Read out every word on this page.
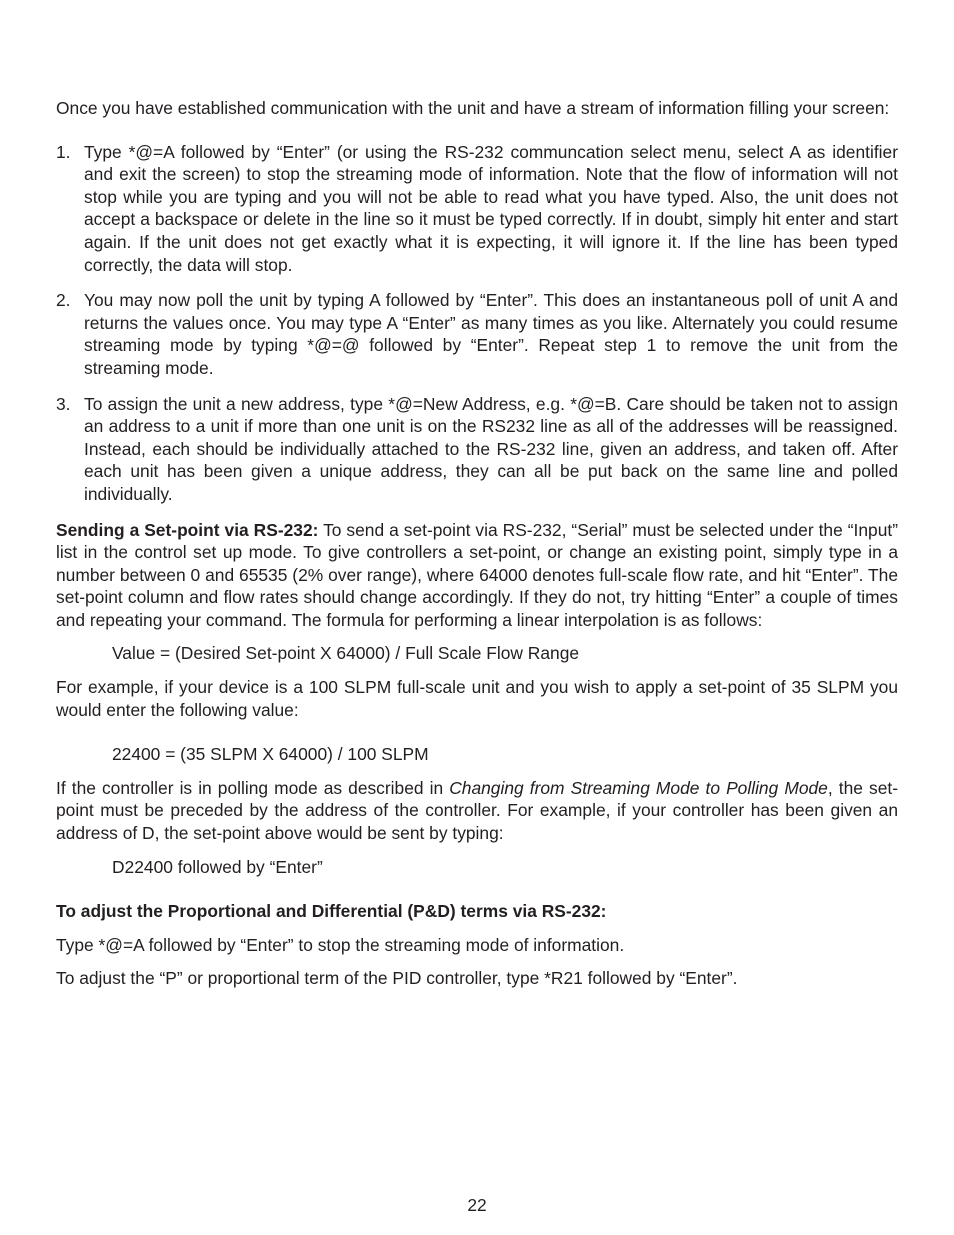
Once you have established communication with the unit and have a stream of information filling your screen:

1. Type *@=A followed by “Enter” (or using the RS-232 communcation select menu, select A as identifier and exit the screen) to stop the streaming mode of information. Note that the flow of information will not stop while you are typing and you will not be able to read what you have typed. Also, the unit does not accept a backspace or delete in the line so it must be typed correctly. If in doubt, simply hit enter and start again. If the unit does not get exactly what it is expecting, it will ignore it. If the line has been typed correctly, the data will stop.
2. You may now poll the unit by typing A followed by “Enter”. This does an instantaneous poll of unit A and returns the values once. You may type A “Enter” as many times as you like. Alternately you could resume streaming mode by typing *@=@ followed by “Enter”. Repeat step 1 to remove the unit from the streaming mode.
3. To assign the unit a new address, type *@=New Address, e.g. *@=B. Care should be taken not to assign an address to a unit if more than one unit is on the RS232 line as all of the addresses will be reassigned. Instead, each should be individually attached to the RS-232 line, given an address, and taken off. After each unit has been given a unique address, they can all be put back on the same line and polled individually.

Sending a Set-point via RS-232: To send a set-point via RS-232, “Serial” must be selected under the “Input” list in the control set up mode. To give controllers a set-point, or change an existing point, simply type in a number between 0 and 65535 (2% over range), where 64000 denotes full-scale flow rate, and hit “Enter”. The set-point column and flow rates should change accordingly. If they do not, try hitting “Enter” a couple of times and repeating your command. The formula for performing a linear interpolation is as follows:

Value = (Desired Set-point X 64000) / Full Scale Flow Range

For example, if your device is a 100 SLPM full-scale unit and you wish to apply a set-point of 35 SLPM you would enter the following value:

22400 = (35 SLPM X 64000) / 100 SLPM

If the controller is in polling mode as described in Changing from Streaming Mode to Polling Mode, the set-point must be preceded by the address of the controller. For example, if your controller has been given an address of D, the set-point above would be sent by typing:

D22400 followed by “Enter”

To adjust the Proportional and Differential (P&D) terms via RS-232:

Type *@=A followed by “Enter” to stop the streaming mode of information.

To adjust the “P” or proportional term of the PID controller, type *R21 followed by “Enter”.

22
